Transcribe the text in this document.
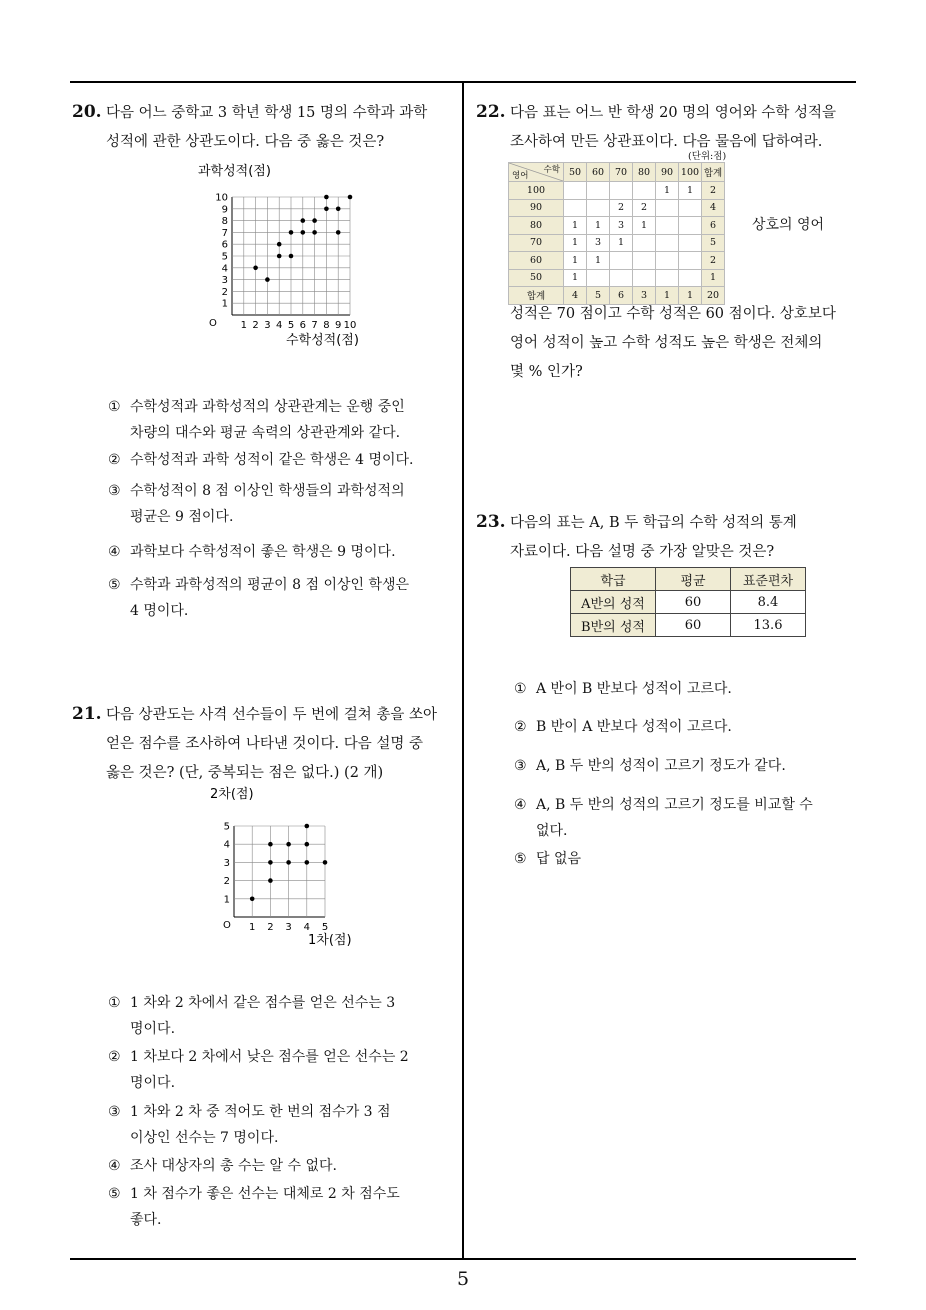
5
20. 다음 어느 중학교 3 학년 학생 15 명의 수학과 과학
성적에 관한 상관도이다. 다음 중 옳은 것은?
과학성적(점)
수학성적(점)
O 1 2 3 4 5 6 7 8 9 10
1
2
3
4
5
6
7
8
9
10
① 수학성적과 과학성적의 상관관계는 운행 중인
차량의 대수와 평균 속력의 상관관계와 같다.
② 수학성적과 과학 성적이 같은 학생은 4 명이다.
③ 수학성적이 8 점 이상인 학생들의 과학성적의
평균은 9 점이다.
④ 과학보다 수학성적이 좋은 학생은 9 명이다.
⑤ 수학과 과학성적의 평균이 8 점 이상인 학생은
4 명이다.
21. 다음 상관도는 사격 선수들이 두 번에 걸쳐 총을 쏘아
얻은 점수를 조사하여 나타낸 것이다. 다음 설명 중
옳은 것은? (단, 중복되는 점은 없다.) (2 개)
2차(점)
1차(점)
O 1 2 3 4 5
1
2
3
4
5
① 1 차와 2 차에서 같은 점수를 얻은 선수는 3
명이다.
② 1 차보다 2 차에서 낮은 점수를 얻은 선수는 2
명이다.
③ 1 차와 2 차 중 적어도 한 번의 점수가 3 점
이상인 선수는 7 명이다.
④ 조사 대상자의 총 수는 알 수 없다.
⑤ 1 차 점수가 좋은 선수는 대체로 2 차 점수도
좋다.
22. 다음 표는 어느 반 학생 20 명의 영어와 수학 성적을
조사하여 만든 상관표이다. 다음 물음에 답하여라.
(단위:점)
수학
영어	50	60	70	80	90	100	합계
100					1	1	2
90			2	2			4
80	1	1	3	1			6
70	1	3	1				5
60	1	1					2
50	1						1
합계	4	5	6	3	1	1	20
상호의 영어
성적은 70 점이고 수학 성적은 60 점이다. 상호보다
영어 성적이 높고 수학 성적도 높은 학생은 전체의
몇 % 인가?
23. 다음의 표는 A, B 두 학급의 수학 성적의 통계
자료이다. 다음 설명 중 가장 알맞은 것은?
학급	평균	표준편차
A반의 성적	60	8.4
B반의 성적	60	13.6
① A 반이 B 반보다 성적이 고르다.
② B 반이 A 반보다 성적이 고르다.
③ A, B 두 반의 성적이 고르기 정도가 같다.
④ A, B 두 반의 성적의 고르기 정도를 비교할 수
없다.
⑤ 답 없음
